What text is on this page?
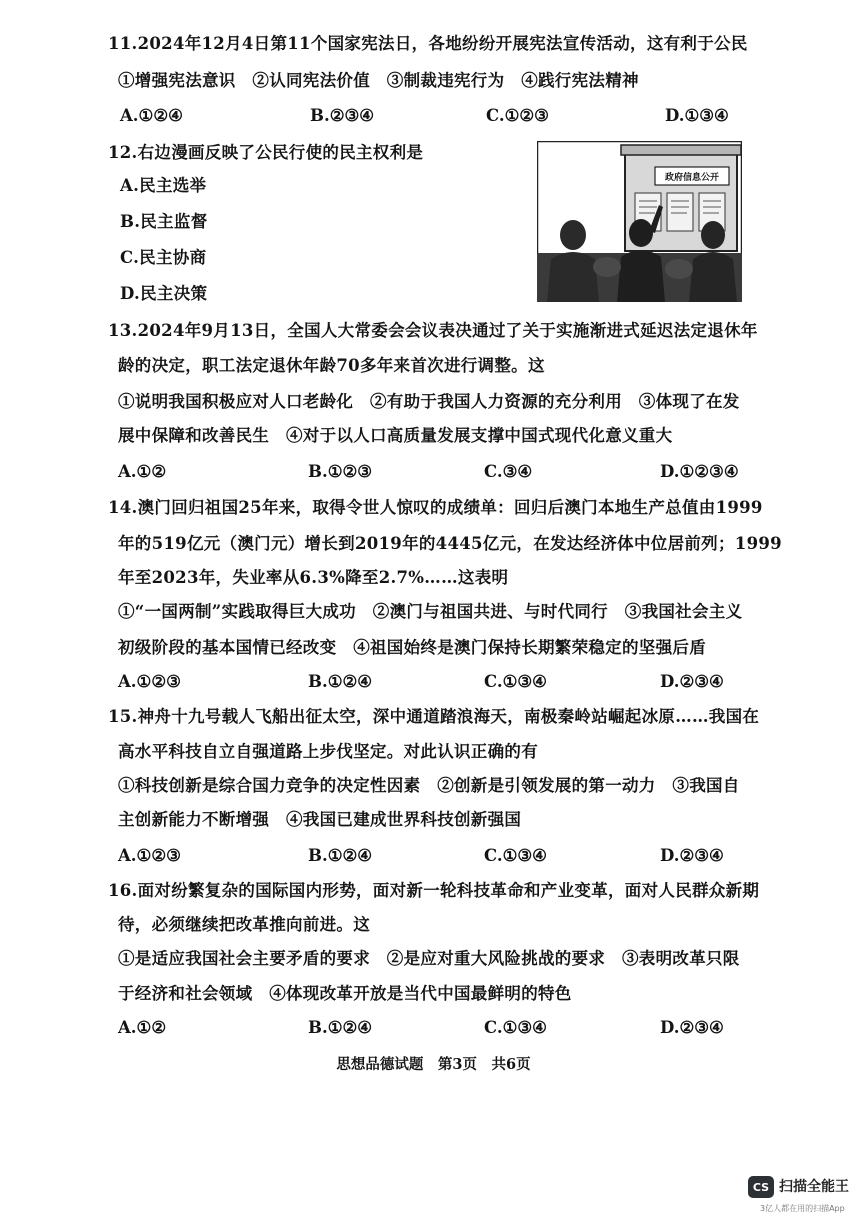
11.2024年12月4日第11个国家宪法日，各地纷纷开展宪法宣传活动，这有利于公民
①增强宪法意识　②认同宪法价值　③制裁违宪行为　④践行宪法精神
A.①②④	B.②③④	C.①②③	D.①③④
12.右边漫画反映了公民行使的民主权利是
A.民主选举
B.民主监督
C.民主协商
D.民主决策
政府信息公开
13.2024年9月13日，全国人大常委会会议表决通过了关于实施渐进式延迟法定退休年
龄的决定，职工法定退休年龄70多年来首次进行调整。这
①说明我国积极应对人口老龄化　②有助于我国人力资源的充分利用　③体现了在发
展中保障和改善民生　④对于以人口高质量发展支撑中国式现代化意义重大
A.①②	B.①②③	C.③④	D.①②③④
14.澳门回归祖国25年来，取得令世人惊叹的成绩单：回归后澳门本地生产总值由1999
年的519亿元（澳门元）增长到2019年的4445亿元，在发达经济体中位居前列；1999
年至2023年，失业率从6.3%降至2.7%……这表明
①“一国两制”实践取得巨大成功　②澳门与祖国共进、与时代同行　③我国社会主义
初级阶段的基本国情已经改变　④祖国始终是澳门保持长期繁荣稳定的坚强后盾
A.①②③	B.①②④	C.①③④	D.②③④
15.神舟十九号载人飞船出征太空，深中通道踏浪海天，南极秦岭站崛起冰原……我国在
高水平科技自立自强道路上步伐坚定。对此认识正确的有
①科技创新是综合国力竞争的决定性因素　②创新是引领发展的第一动力　③我国自
主创新能力不断增强　④我国已建成世界科技创新强国
A.①②③	B.①②④	C.①③④	D.②③④
16.面对纷繁复杂的国际国内形势，面对新一轮科技革命和产业变革，面对人民群众新期
待，必须继续把改革推向前进。这
①是适应我国社会主要矛盾的要求　②是应对重大风险挑战的要求　③表明改革只限
于经济和社会领域　④体现改革开放是当代中国最鲜明的特色
A.①②	B.①②④	C.①③④	D.②③④
思想品德试题　第3页　共6页
CS 扫描全能王
3亿人都在用的扫描App
